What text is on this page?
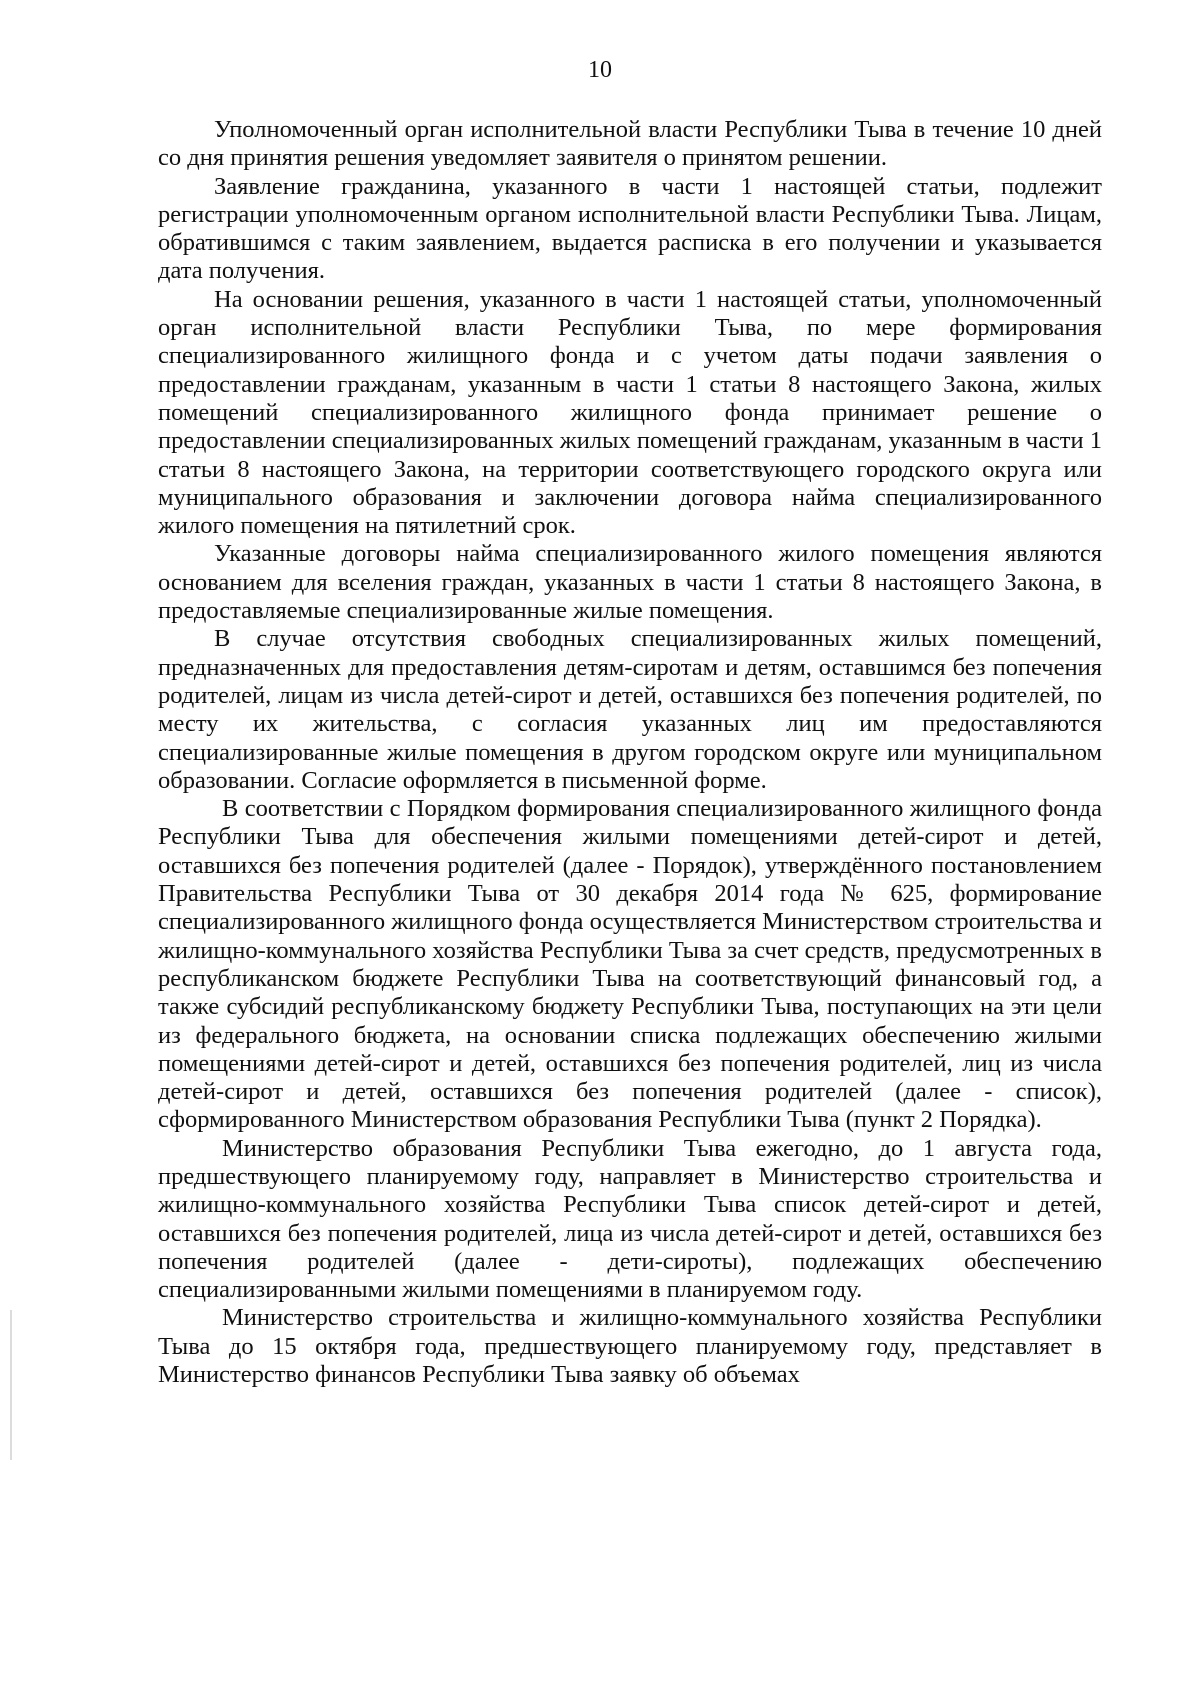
10

Уполномоченный орган исполнительной власти Республики Тыва в течение 10 дней со дня принятия решения уведомляет заявителя о принятом решении.

Заявление гражданина, указанного в части 1 настоящей статьи, подлежит регистрации уполномоченным органом исполнительной власти Республики Тыва. Лицам, обратившимся с таким заявлением, выдается расписка в его получении и указывается дата получения.

На основании решения, указанного в части 1 настоящей статьи, уполномоченный орган исполнительной власти Республики Тыва, по мере формирования специализированного жилищного фонда и с учетом даты подачи заявления о предоставлении гражданам, указанным в части 1 статьи 8 настоящего Закона, жилых помещений специализированного жилищного фонда принимает решение о предоставлении специализированных жилых помещений гражданам, указанным в части 1 статьи 8 настоящего Закона, на территории соответствующего городского округа или муниципального образования и заключении договора найма специализированного жилого помещения на пятилетний срок.

Указанные договоры найма специализированного жилого помещения являются основанием для вселения граждан, указанных в части 1 статьи 8 настоящего Закона, в предоставляемые специализированные жилые помещения.

В случае отсутствия свободных специализированных жилых помещений, предназначенных для предоставления детям-сиротам и детям, оставшимся без попечения родителей, лицам из числа детей-сирот и детей, оставшихся без попечения родителей, по месту их жительства, с согласия указанных лиц им предоставляются специализированные жилые помещения в другом городском округе или муниципальном образовании. Согласие оформляется в письменной форме.

В соответствии с Порядком формирования специализированного жилищного фонда Республики Тыва для обеспечения жилыми помещениями детей-сирот и детей, оставшихся без попечения родителей (далее - Порядок), утверждённого постановлением Правительства Республики Тыва от 30 декабря 2014 года № 625, формирование специализированного жилищного фонда осуществляется Министерством строительства и жилищно-коммунального хозяйства Республики Тыва за счет средств, предусмотренных в республиканском бюджете Республики Тыва на соответствующий финансовый год, а также субсидий республиканскому бюджету Республики Тыва, поступающих на эти цели из федерального бюджета, на основании списка подлежащих обеспечению жилыми помещениями детей-сирот и детей, оставшихся без попечения родителей, лиц из числа детей-сирот и детей, оставшихся без попечения родителей (далее - список), сформированного Министерством образования Республики Тыва (пункт 2 Порядка).

Министерство образования Республики Тыва ежегодно, до 1 августа года, предшествующего планируемому году, направляет в Министерство строительства и жилищно-коммунального хозяйства Республики Тыва список детей-сирот и детей, оставшихся без попечения родителей, лица из числа детей-сирот и детей, оставшихся без попечения родителей (далее - дети-сироты), подлежащих обеспечению специализированными жилыми помещениями в планируемом году.

Министерство строительства и жилищно-коммунального хозяйства Республики Тыва до 15 октября года, предшествующего планируемому году, представляет в Министерство финансов Республики Тыва заявку об объемах
